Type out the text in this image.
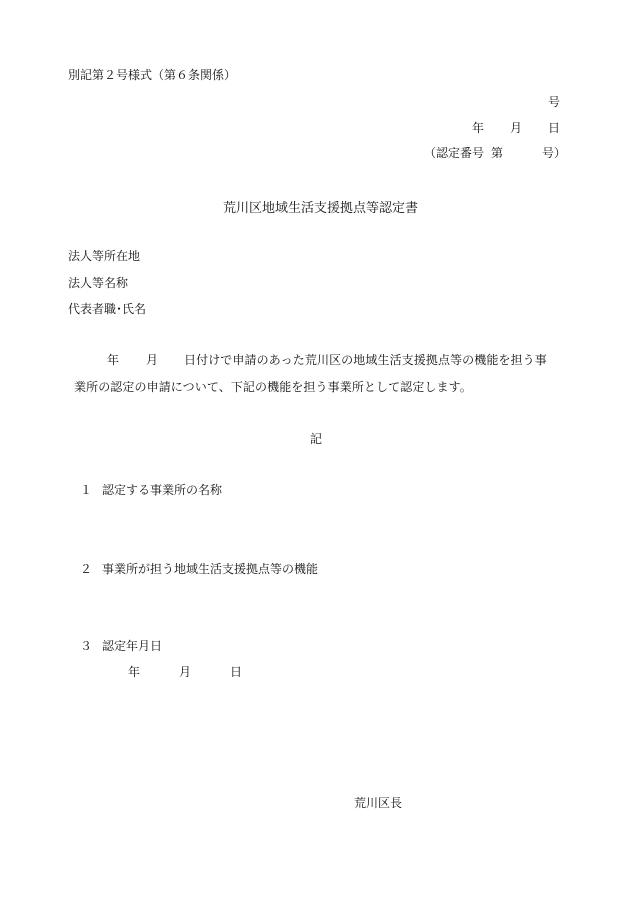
別記第２号様式（第６条関係）
号
年 月 日
（認定番号 第	号）
荒川区地域生活支援拠点等認定書
法人等所在地
法人等名称
代表者職･氏名
年 月 日付けで申請のあった荒川区の地域生活支援拠点等の機能を担う事
業所の認定の申請について、下記の機能を担う事業所として認定します。
記
１ 認定する事業所の名称
２ 事業所が担う地域生活支援拠点等の機能
３ 認定年月日
年	月	日
荒川区長
